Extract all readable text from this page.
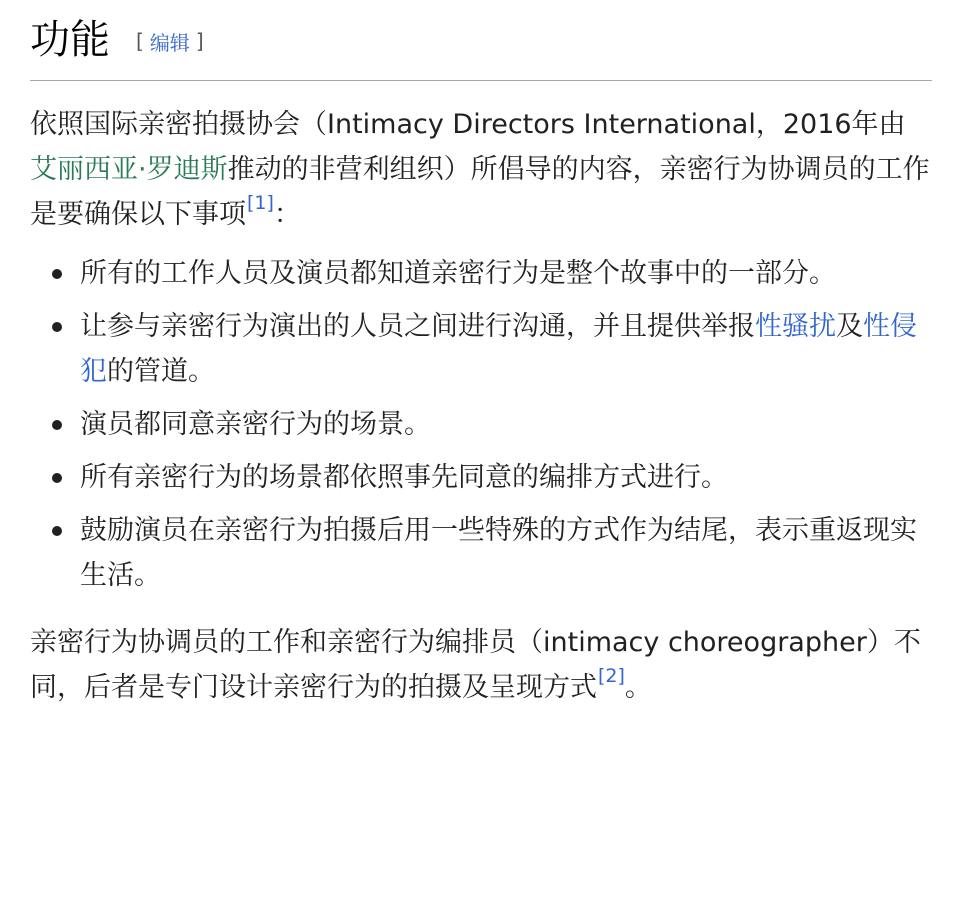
功能 [ 编辑 ]

依照国际亲密拍摄协会（Intimacy Directors International，2016年由艾丽西亚·罗迪斯推动的非营利组织）所倡导的内容，亲密行为协调员的工作是要确保以下事项[1]：

所有的工作人员及演员都知道亲密行为是整个故事中的一部分。
让参与亲密行为演出的人员之间进行沟通，并且提供举报性骚扰及性侵犯的管道。
演员都同意亲密行为的场景。
所有亲密行为的场景都依照事先同意的编排方式进行。
鼓励演员在亲密行为拍摄后用一些特殊的方式作为结尾，表示重返现实生活。

亲密行为协调员的工作和亲密行为编排员（intimacy choreographer）不同，后者是专门设计亲密行为的拍摄及呈现方式[2]。
